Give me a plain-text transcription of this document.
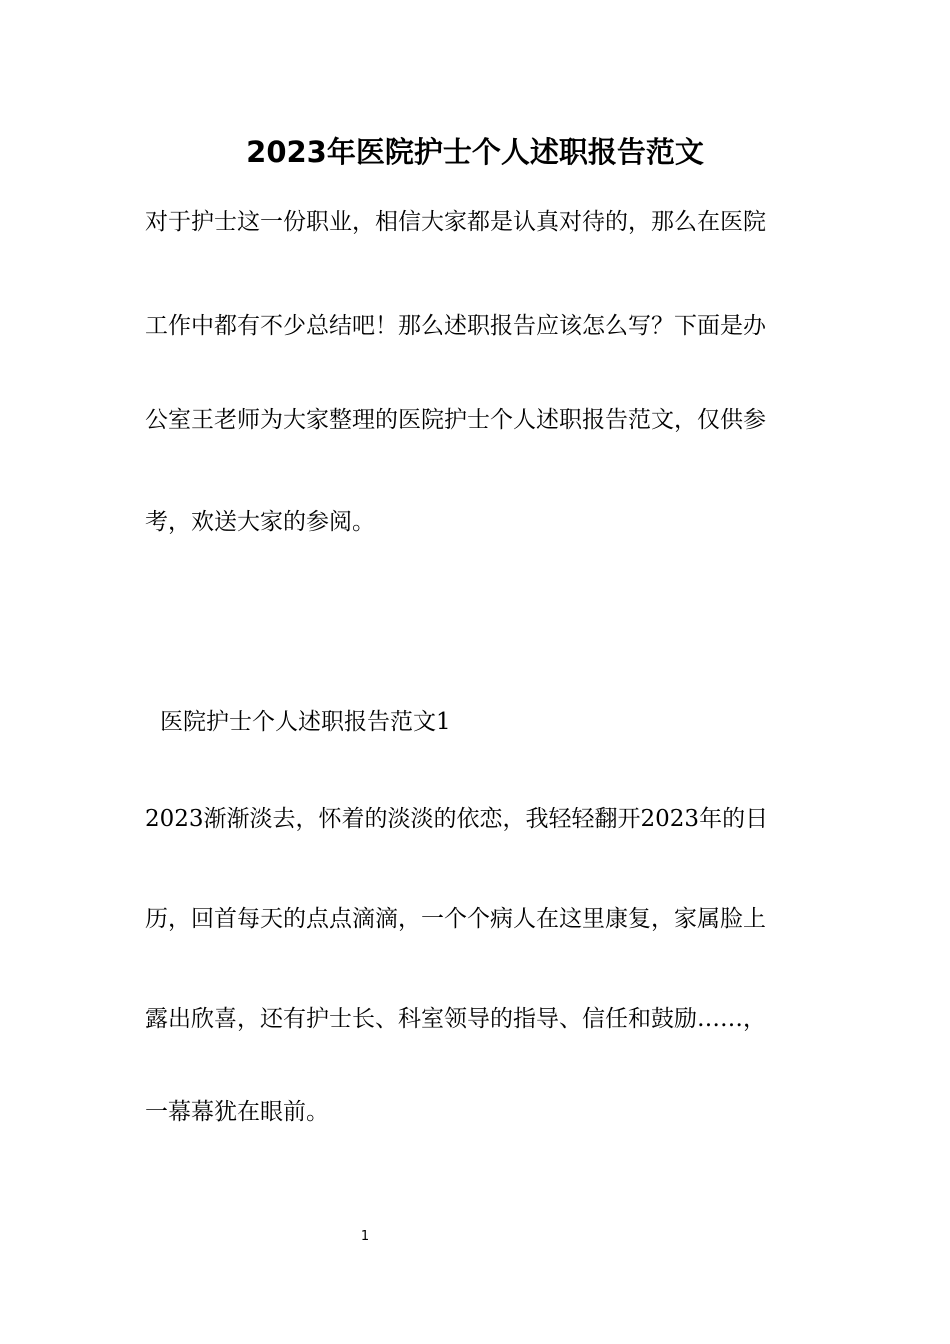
2023年医院护士个人述职报告范文
对于护士这一份职业，相信大家都是认真对待的，那么在医院
工作中都有不少总结吧！那么述职报告应该怎么写？下面是办
公室王老师为大家整理的医院护士个人述职报告范文，仅供参
考，欢送大家的参阅。
医院护士个人述职报告范文1
2023渐渐淡去，怀着的淡淡的依恋，我轻轻翻开2023年的日
历，回首每天的点点滴滴，一个个病人在这里康复，家属脸上
露出欣喜，还有护士长、科室领导的指导、信任和鼓励……，
一幕幕犹在眼前。
1
